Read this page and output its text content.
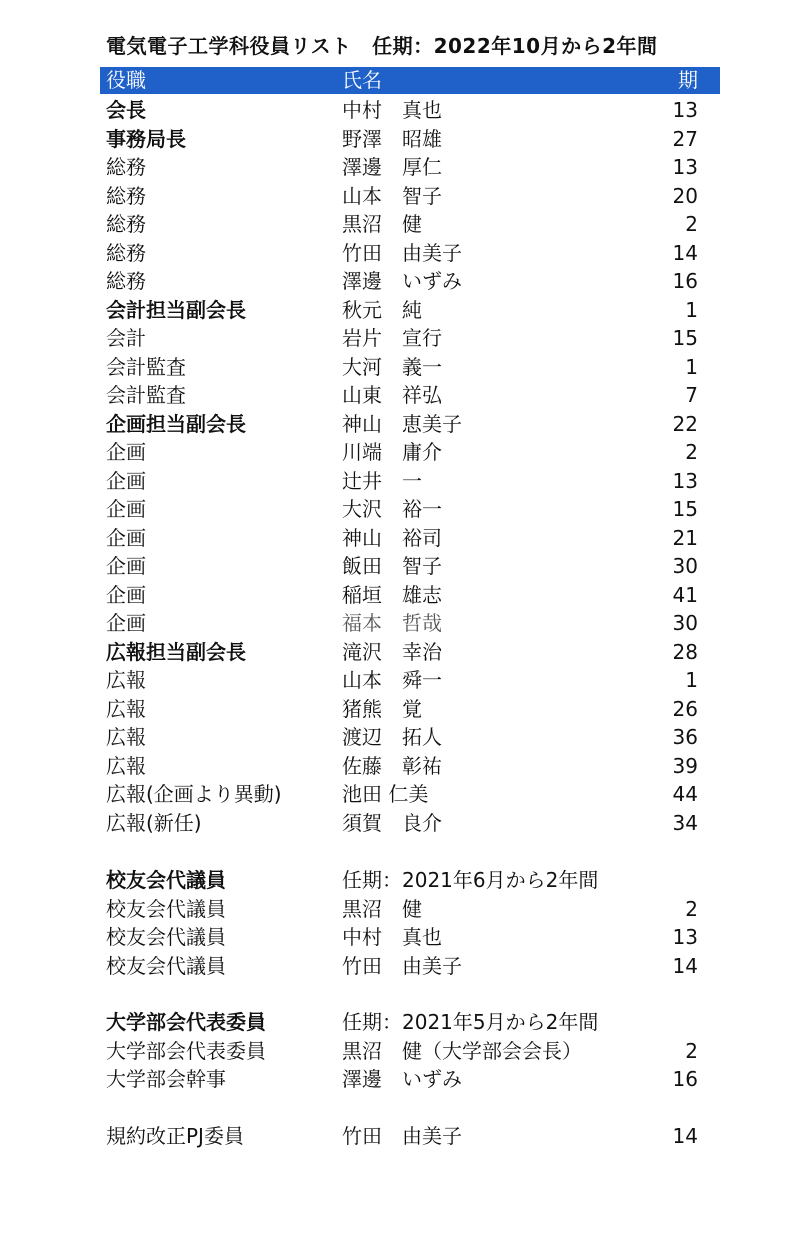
電気電子工学科役員リスト　任期：2022年10月から2年間
役職	氏名	期
会長	中村　真也	13
事務局長	野澤　昭雄	27
総務	澤邊　厚仁	13
総務	山本　智子	20
総務	黒沼　健	2
総務	竹田　由美子	14
総務	澤邊　いずみ	16
会計担当副会長	秋元　純	1
会計	岩片　宣行	15
会計監査	大河　義一	1
会計監査	山東　祥弘	7
企画担当副会長	神山　恵美子	22
企画	川端　庸介	2
企画	辻井　一	13
企画	大沢　裕一	15
企画	神山　裕司	21
企画	飯田　智子	30
企画	稲垣　雄志	41
企画	福本　哲哉	30
広報担当副会長	滝沢　幸治	28
広報	山本　舜一	1
広報	猪熊　覚	26
広報	渡辺　拓人	36
広報	佐藤　彰祐	39
広報(企画より異動)	池田 仁美	44
広報(新任)	須賀　良介	34
校友会代議員	任期：2021年6月から2年間
校友会代議員	黒沼　健	2
校友会代議員	中村　真也	13
校友会代議員	竹田　由美子	14
大学部会代表委員	任期：2021年5月から2年間
大学部会代表委員	黒沼　健（大学部会会長）	2
大学部会幹事	澤邊　いずみ	16
規約改正PJ委員	竹田　由美子	14
